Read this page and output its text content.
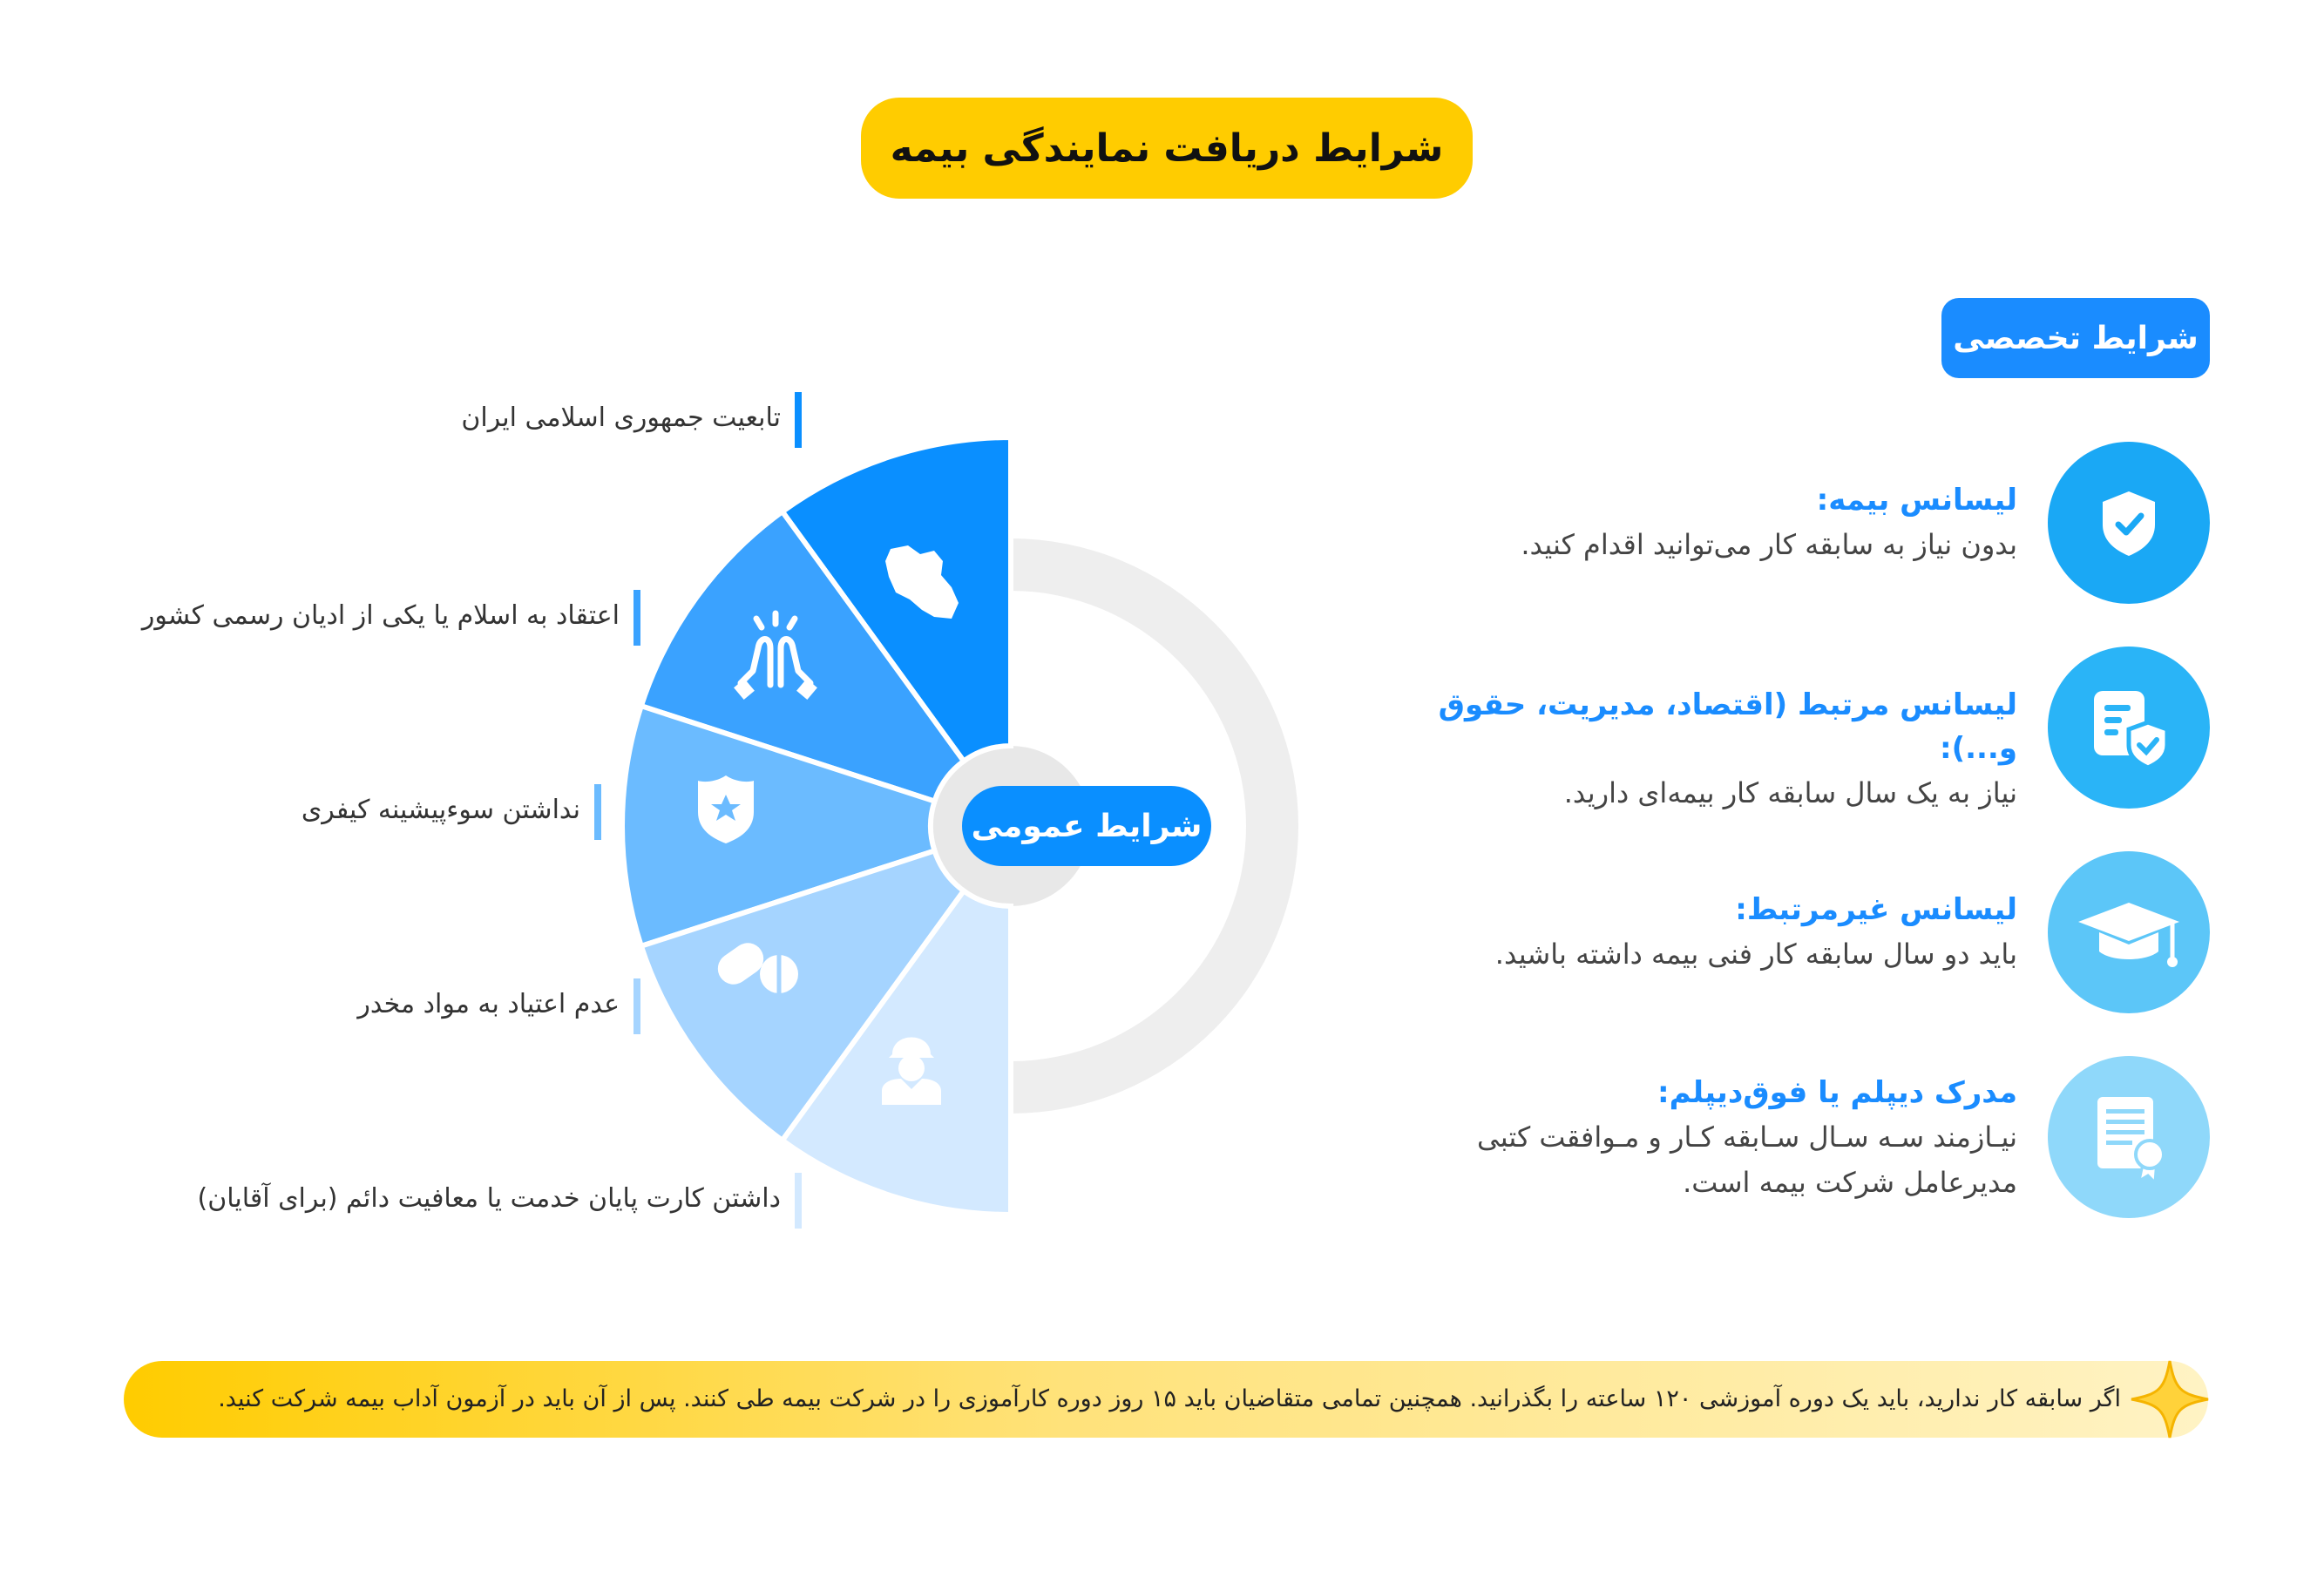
شرایط دریافت نمایندگی بیمه
شرایط عمومی
تابعیت جمهوری اسلامی ایران
اعتقاد به اسلام یا یکی از ادیان رسمی کشور
نداشتن سوءپیشینه کیفری
عدم اعتیاد به مواد مخدر
داشتن کارت پایان خدمت یا معافیت دائم (برای آقایان)
شرایط تخصصی
لیسانس بیمه:
بدون نیاز به سابقه کار می‌توانید اقدام کنید.
لیسانس مرتبط (اقتصاد، مدیریت، حقوق و...):
نیاز به یک سال سابقه کار بیمه‌ای دارید.
لیسانس غیرمرتبط:
باید دو سال سابقه کار فنی بیمه داشته باشید.
مدرک دیپلم یا فوق‌دیپلم:
نیـازمند سـه سـال سـابقه کـار و مـوافقت کتبی
مدیرعامل شرکت بیمه است.
اگر سابقه کار ندارید، باید یک دوره آموزشی ۱۲۰ ساعته را بگذرانید. همچنین تمامی متقاضیان باید ۱۵ روز دوره کارآموزی را در شرکت بیمه طی کنند. پس از آن باید در آزمون آداب بیمه شرکت کنید.
